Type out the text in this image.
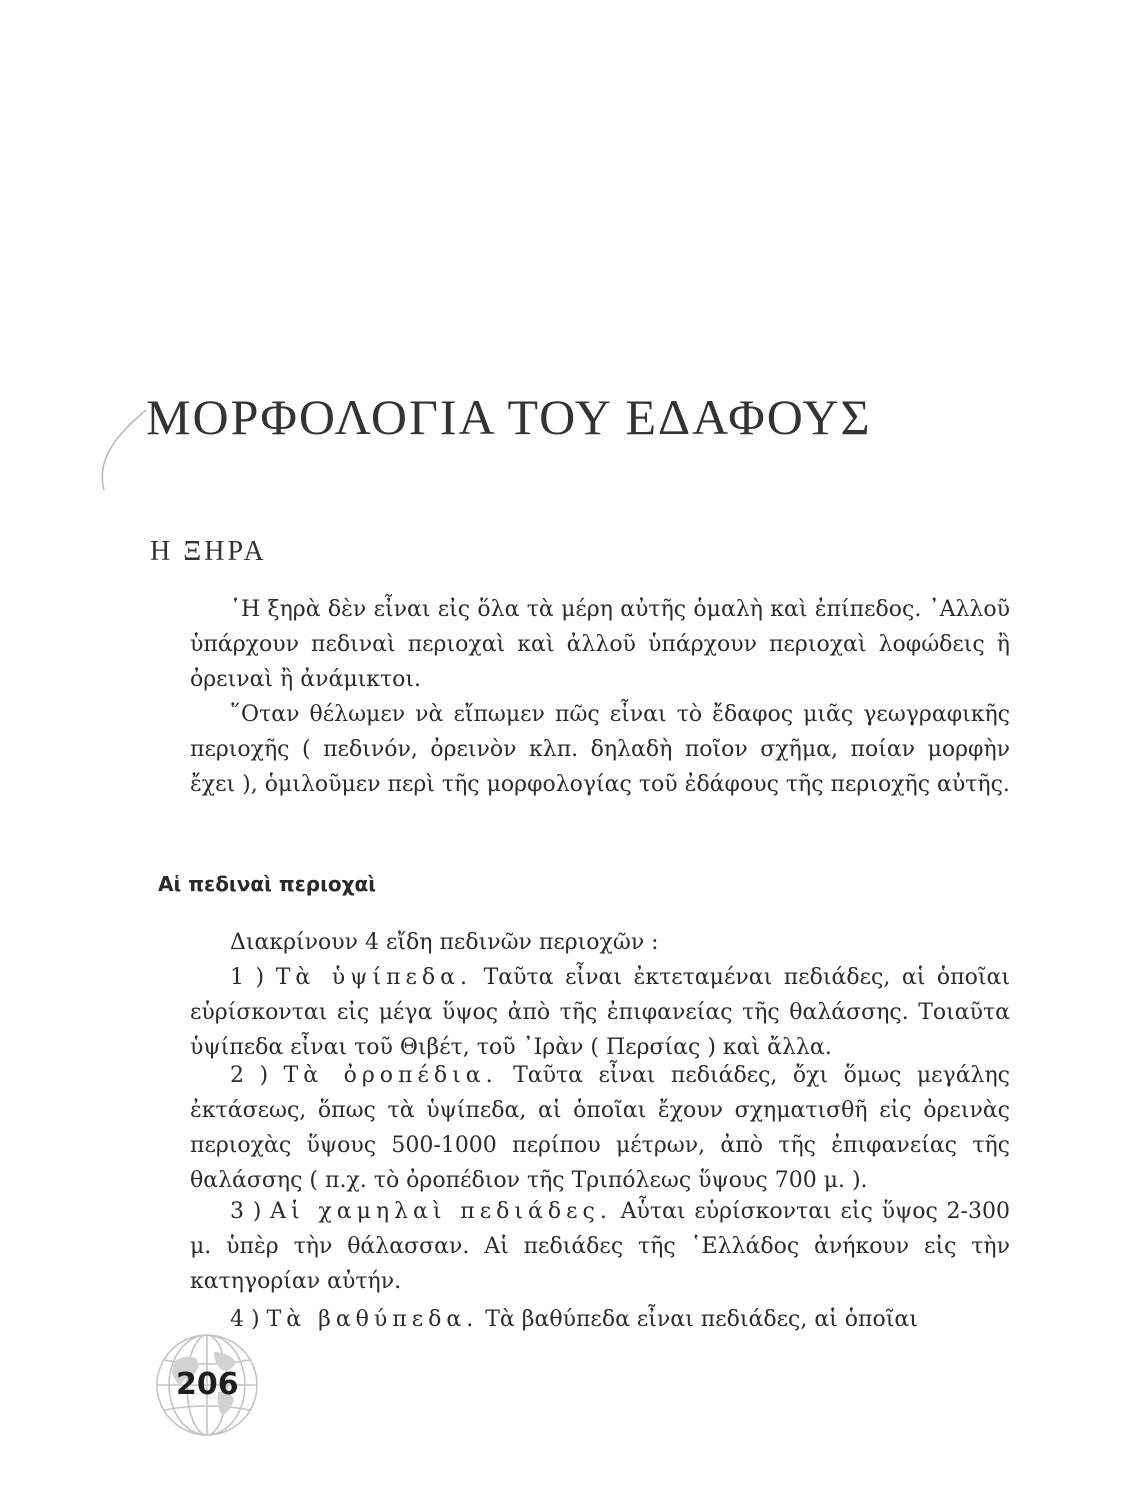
ΜΟΡΦΟΛΟΓΙΑ ΤΟΥ ΕΔΑΦΟΥΣ
Η ΞΗΡΑ

῾Η ξηρὰ δὲν εἶναι εἰς ὅλα τὰ μέρη αὐτῆς ὁμαλὴ καὶ ἐπίπεδος. ᾿Αλλοῦ ὑπάρχουν πεδιναὶ περιοχαὶ καὶ ἀλλοῦ ὑπάρχουν περιοχαὶ λοφώδεις ἢ ὀρειναὶ ἢ ἀνάμικτοι.

῞Οταν θέλωμεν νὰ εἴπωμεν πῶς εἶναι τὸ ἔδαφος μιᾶς γεωγραφικῆς περιοχῆς ( πεδινόν, ὀρεινὸν κλπ. δηλαδὴ ποῖον σχῆμα, ποίαν μορφὴν ἔχει ), ὁμιλοῦμεν περὶ τῆς μορφολογίας τοῦ ἐδάφους τῆς περιοχῆς αὐτῆς.

Αἱ πεδιναὶ περιοχαὶ

Διακρίνουν 4 εἴδη πεδινῶν περιοχῶν :

1 ) Τὰ ὑψίπεδα. Ταῦτα εἶναι ἐκτεταμέναι πεδιάδες, αἱ ὁποῖαι εὑρίσκονται εἰς μέγα ὕψος ἀπὸ τῆς ἐπιφανείας τῆς θαλάσσης. Τοιαῦτα ὑψίπεδα εἶναι τοῦ Θιβέτ, τοῦ ᾿Ιρὰν ( Περσίας ) καὶ ἄλλα.

2 ) Τὰ ὀροπέδια. Ταῦτα εἶναι πεδιάδες, ὄχι ὅμως μεγάλης ἐκτάσεως, ὅπως τὰ ὑψίπεδα, αἱ ὁποῖαι ἔχουν σχηματισθῆ εἰς ὀρεινὰς περιοχὰς ὕψους 500-1000 περίπου μέτρων, ἀπὸ τῆς ἐπιφανείας τῆς θαλάσσης ( π.χ. τὸ ὀροπέδιον τῆς Τριπόλεως ὕψους 700 μ. ).

3 ) Αἱ χαμηλαὶ πεδιάδες. Αὗται εὑρίσκονται εἰς ὕψος 2-300 μ. ὑπὲρ τὴν θάλασσαν. Αἱ πεδιάδες τῆς ῾Ελλάδος ἀνήκουν εἰς τὴν κατηγορίαν αὐτήν.

4 ) Τὰ βαθύπεδα. Τὰ βαθύπεδα εἶναι πεδιάδες, αἱ ὁποῖαι

206
